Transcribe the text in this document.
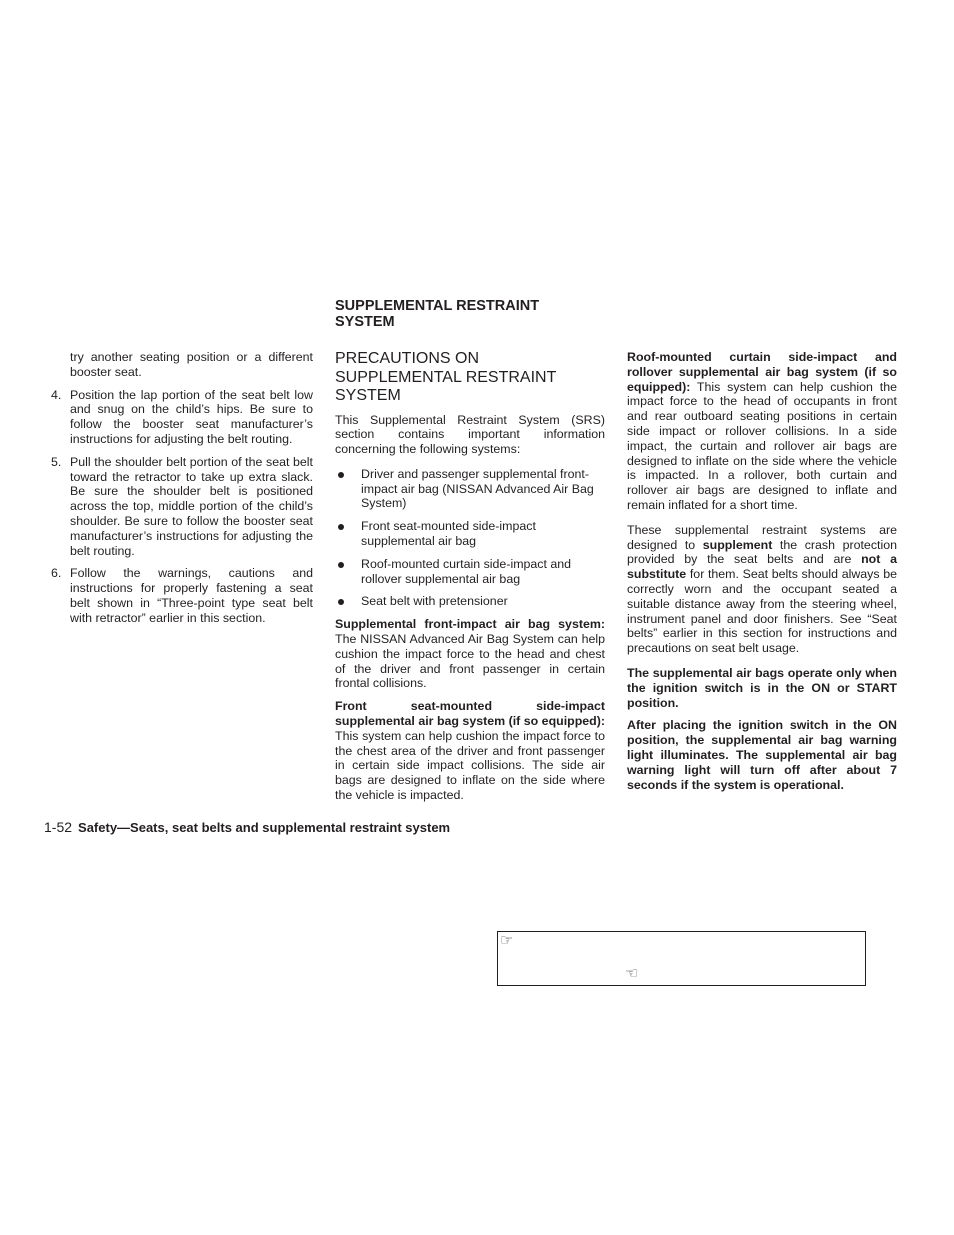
try another seating position or a different booster seat.

4. Position the lap portion of the seat belt low and snug on the child’s hips. Be sure to follow the booster seat manufacturer’s instructions for adjusting the belt routing.
5. Pull the shoulder belt portion of the seat belt toward the retractor to take up extra slack. Be sure the shoulder belt is positioned across the top, middle portion of the child’s shoulder. Be sure to follow the booster seat manufacturer’s instructions for adjusting the belt routing.
6. Follow the warnings, cautions and instructions for properly fastening a seat belt shown in “Three-point type seat belt with retractor” earlier in this section.
SUPPLEMENTAL RESTRAINT SYSTEM
PRECAUTIONS ON SUPPLEMENTAL RESTRAINT SYSTEM

This Supplemental Restraint System (SRS) section contains important information concerning the following systems:

Driver and passenger supplemental front-impact air bag (NISSAN Advanced Air Bag System)
Front seat-mounted side-impact supplemental air bag
Roof-mounted curtain side-impact and rollover supplemental air bag
Seat belt with pretensioner

Supplemental front-impact air bag system: The NISSAN Advanced Air Bag System can help cushion the impact force to the head and chest of the driver and front passenger in certain frontal collisions.

Front seat-mounted side-impact supplemental air bag system (if so equipped): This system can help cushion the impact force to the chest area of the driver and front passenger in certain side impact collisions. The side air bags are designed to inflate on the side where the vehicle is impacted.

Roof-mounted curtain side-impact and rollover supplemental air bag system (if so equipped): This system can help cushion the impact force to the head of occupants in front and rear outboard seating positions in certain side impact or rollover collisions. In a side impact, the curtain and rollover air bags are designed to inflate on the side where the vehicle is impacted. In a rollover, both curtain and rollover air bags are designed to inflate and remain inflated for a short time.

These supplemental restraint systems are designed to supplement the crash protection provided by the seat belts and are not a substitute for them. Seat belts should always be correctly worn and the occupant seated a suitable distance away from the steering wheel, instrument panel and door finishers. See “Seat belts” earlier in this section for instructions and precautions on seat belt usage.

The supplemental air bags operate only when the ignition switch is in the ON or START position.

After placing the ignition switch in the ON position, the supplemental air bag warning light illuminates. The supplemental air bag warning light will turn off after about 7 seconds if the system is operational.

1-52 Safety—Seats, seat belts and supplemental restraint system
☞
☜
